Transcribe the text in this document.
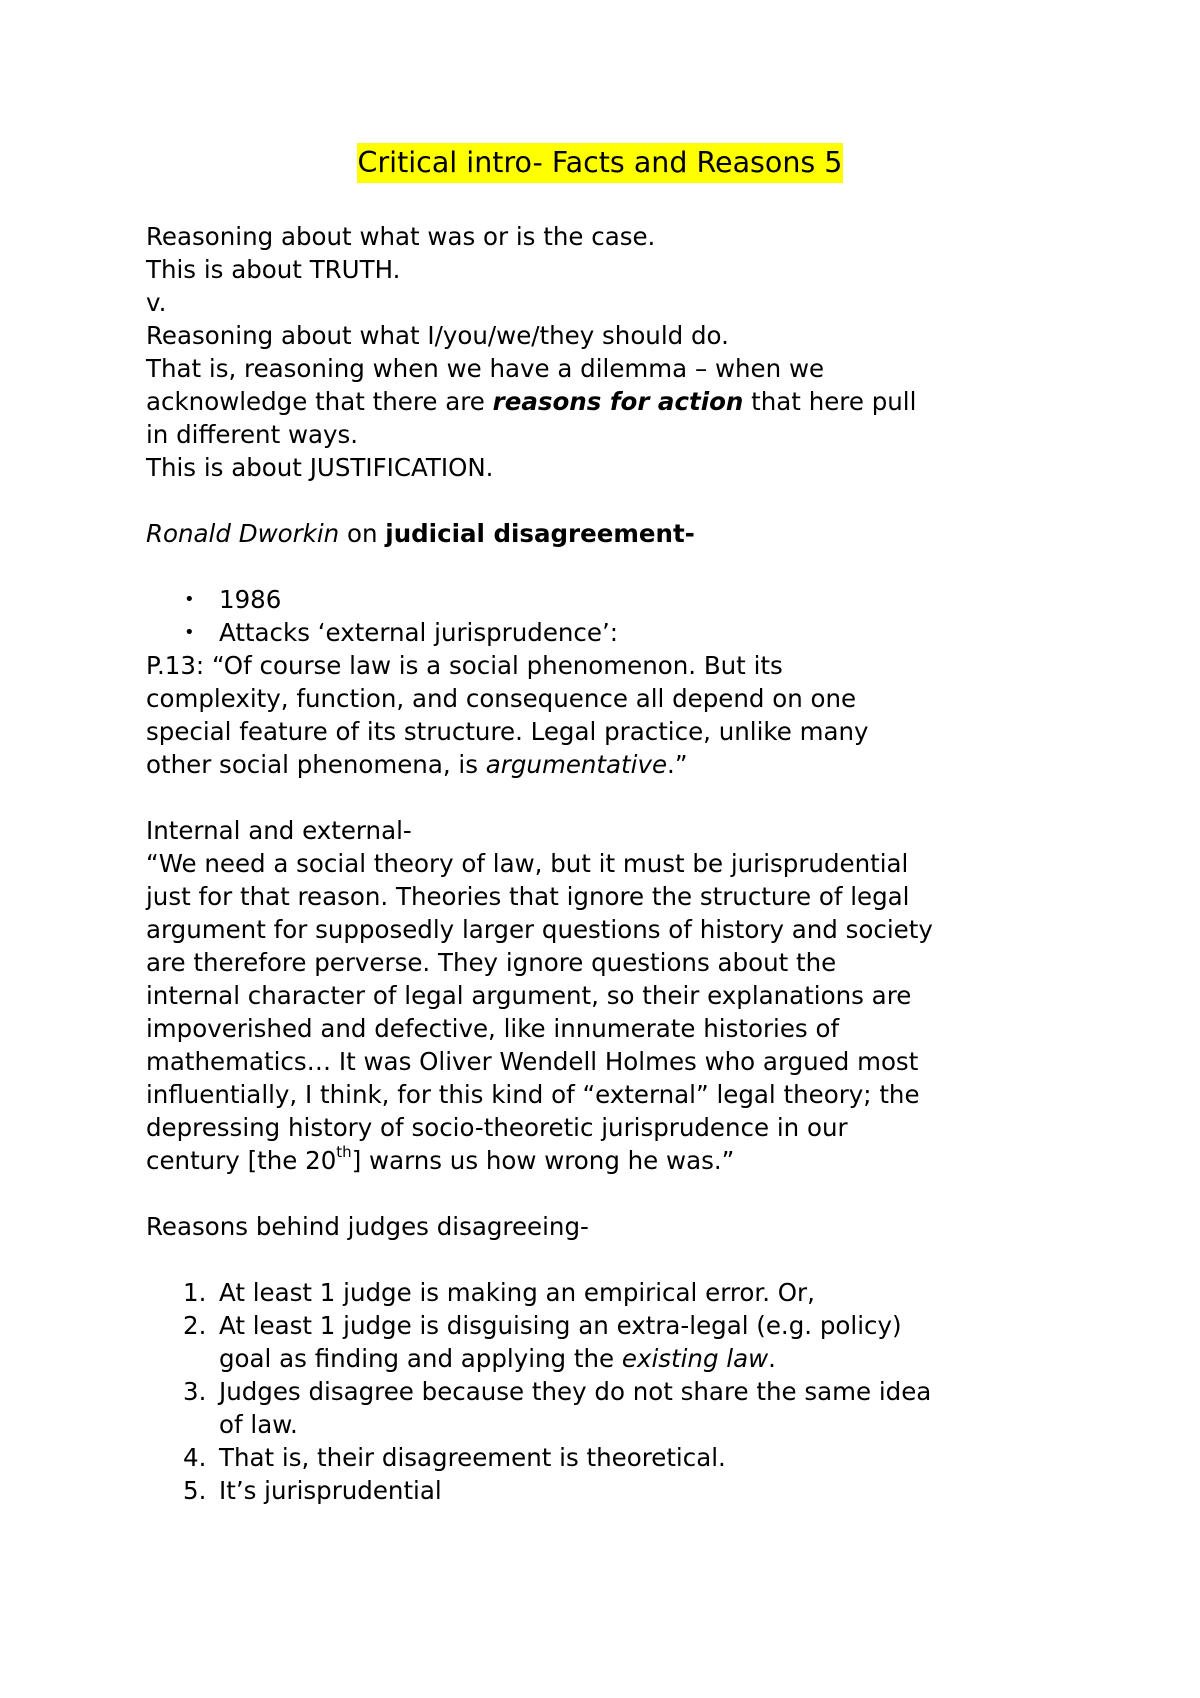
Critical intro- Facts and Reasons 5
Reasoning about what was or is the case.
This is about TRUTH.
v.
Reasoning about what I/you/we/they should do.
That is, reasoning when we have a dilemma – when we
acknowledge that there are reasons for action that here pull
in different ways.
This is about JUSTIFICATION.
Ronald Dworkin on judicial disagreement-
• 1986
• Attacks ‘external jurisprudence’:
P.13: “Of course law is a social phenomenon. But its
complexity, function, and consequence all depend on one
special feature of its structure. Legal practice, unlike many
other social phenomena, is argumentative.”
Internal and external-
“We need a social theory of law, but it must be jurisprudential
just for that reason. Theories that ignore the structure of legal
argument for supposedly larger questions of history and society
are therefore perverse. They ignore questions about the
internal character of legal argument, so their explanations are
impoverished and defective, like innumerate histories of
mathematics… It was Oliver Wendell Holmes who argued most
influentially, I think, for this kind of “external” legal theory; the
depressing history of socio-theoretic jurisprudence in our
century [the 20th] warns us how wrong he was.”
Reasons behind judges disagreeing-
1. At least 1 judge is making an empirical error. Or,
2. At least 1 judge is disguising an extra-legal (e.g. policy)
goal as finding and applying the existing law.
3. Judges disagree because they do not share the same idea
of law.
4. That is, their disagreement is theoretical.
5. It’s jurisprudential
